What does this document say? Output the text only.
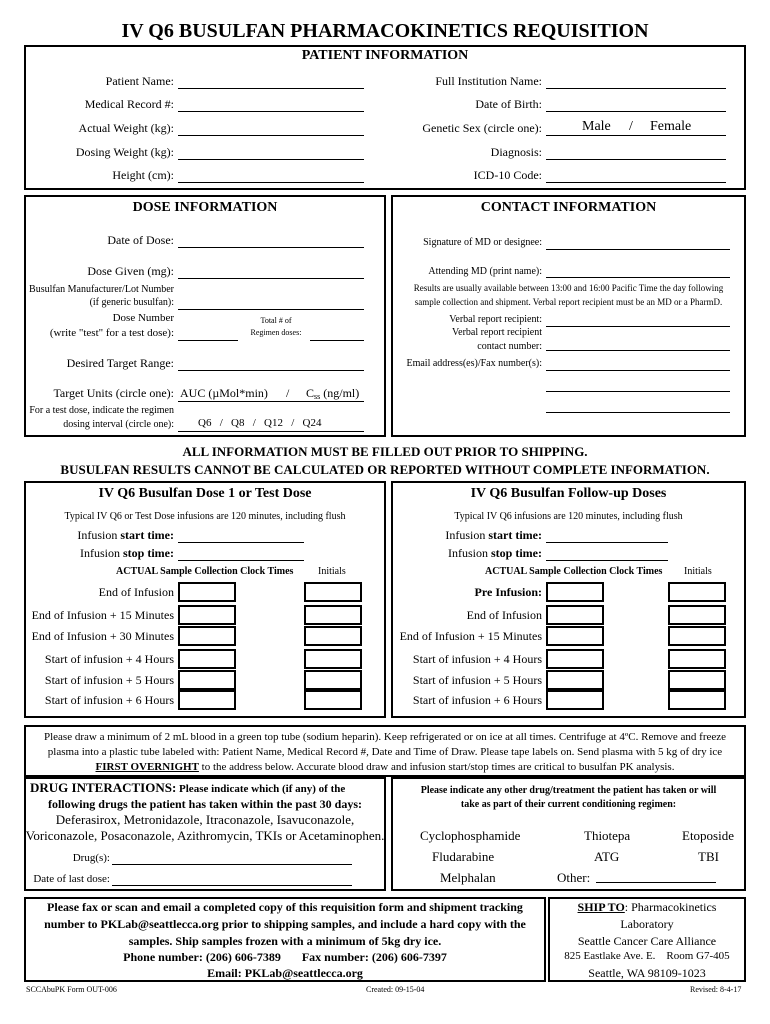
IV Q6 BUSULFAN PHARMACOKINETICS REQUISITION
PATIENT INFORMATION
Patient Name:
Medical Record #:
Actual Weight (kg):
Dosing Weight (kg):
Height (cm):
Full Institution Name:
Date of Birth:
Genetic Sex (circle one):	Male / Female
Diagnosis:
ICD-10 Code:
DOSE INFORMATION
Date of Dose:
Dose Given (mg):
Busulfan Manufacturer/Lot Number
(if generic busulfan):
Dose Number
(write "test" for a test dose):
Total # of
Regimen doses:
Desired Target Range:
Target Units (circle one): AUC $(\mu Mol*\min) / C_{ss}$ (ng/ml)
For a test dose, indicate the regimen
dosing interval (circle one): Q6   /   Q8   /   Q12   /   Q24
CONTACT INFORMATION
Signature of MD or designee:
Attending MD (print name):
Results are usually available between 13:00 and 16:00 Pacific Time the day following
sample collection and shipment. Verbal report recipient must be an MD or a PharmD.
Verbal report recipient:
Verbal report recipient
contact number:
Email address(es)/Fax number(s):
ALL INFORMATION MUST BE FILLED OUT PRIOR TO SHIPPING.
BUSULFAN RESULTS CANNOT BE CALCULATED OR REPORTED WITHOUT COMPLETE INFORMATION.
IV Q6 Busulfan Dose 1 or Test Dose
Typical IV Q6 or Test Dose infusions are 120 minutes, including flush
Infusion start time:
Infusion stop time:
ACTUAL Sample Collection Clock Times Initials
End of Infusion
End of Infusion + 15 Minutes
End of Infusion + 30 Minutes
Start of infusion + 4 Hours
Start of infusion + 5 Hours
Start of infusion + 6 Hours
IV Q6 Busulfan Follow-up Doses
Typical IV Q6 infusions are 120 minutes, including flush
Infusion start time:
Infusion stop time:
ACTUAL Sample Collection Clock Times Initials
Pre Infusion:
End of Infusion
End of Infusion + 15 Minutes
Start of infusion + 4 Hours
Start of infusion + 5 Hours
Start of infusion + 6 Hours
Please draw a minimum of 2 mL blood in a green top tube (sodium heparin). Keep refrigerated or on ice at all times. Centrifuge at 4ºC. Remove and freeze
plasma into a plastic tube labeled with: Patient Name, Medical Record #, Date and Time of Draw. Please tape labels on. Send plasma with 5 kg of dry ice
FIRST OVERNIGHT to the address below. Accurate blood draw and infusion start/stop times are critical to busulfan PK analysis.
DRUG INTERACTIONS: Please indicate which (if any) of the
following drugs the patient has taken within the past 30 days:
Deferasirox, Metronidazole, Itraconazole, Isavuconazole,
Voriconazole, Posaconazole, Azithromycin, TKIs or Acetaminophen.
Drug(s):
Date of last dose:
Please indicate any other drug/treatment the patient has taken or will
take as part of their current conditioning regimen:
Cyclophosphamide	Thiotepa	Etoposide
Fludarabine	ATG	TBI
Melphalan	Other:
Please fax or scan and email a completed copy of this requisition form and shipment tracking
number to PKLab@seattlecca.org prior to shipping samples, and include a hard copy with the
samples. Ship samples frozen with a minimum of 5kg dry ice.
Phone number: (206) 606-7389       Fax number: (206) 606-7397
Email: PKLab@seattlecca.org
SHIP TO: Pharmacokinetics
Laboratory
Seattle Cancer Care Alliance
825 Eastlake Ave. E.    Room G7-405
Seattle, WA 98109-1023
SCCAbuPK Form OUT-006	Created: 09-15-04	Revised: 8-4-17
